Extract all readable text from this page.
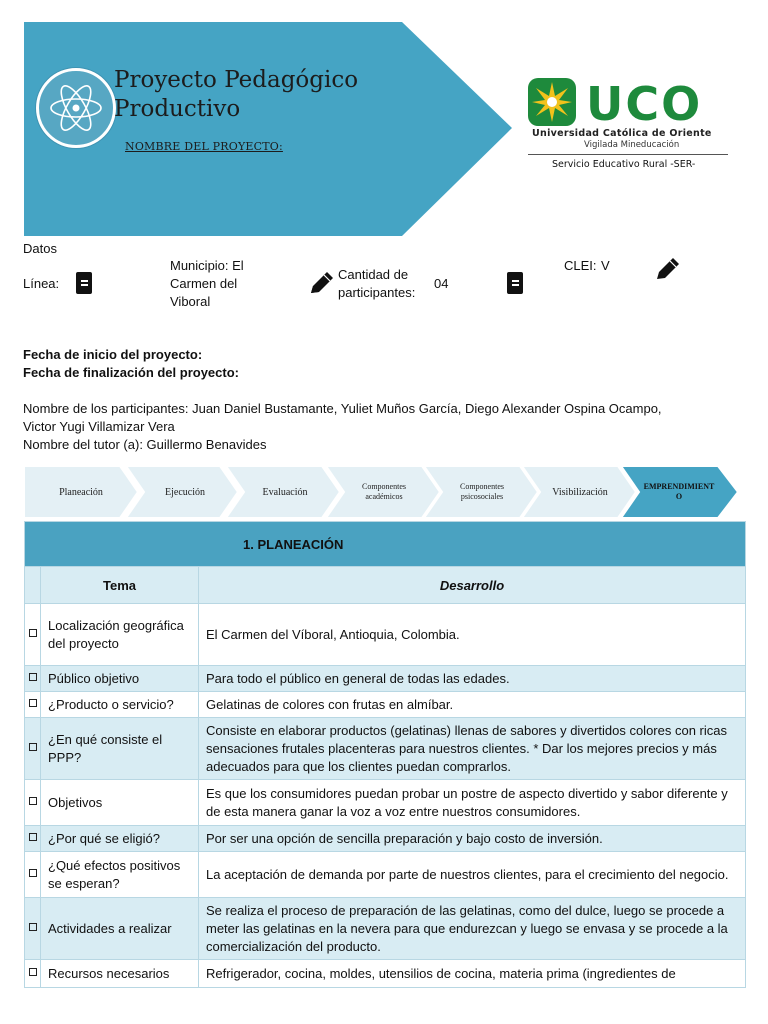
Proyecto Pedagógico
Productivo
NOMBRE DEL PROYECTO:
UCO
Universidad Católica de Oriente
Vigilada Mineducación
Servicio Educativo Rural -SER-
Datos
Línea:
Municipio: El Carmen del Viboral
Cantidad de participantes:
04
CLEI: V
Fecha de inicio del proyecto:
Fecha de finalización del proyecto:
Nombre de los participantes: Juan Daniel Bustamante, Yuliet Muños García, Diego Alexander Ospina Ocampo,
Victor Yugi Villamizar Vera
Nombre del tutor (a): Guillermo Benavides
Planeación	Ejecución	Evaluación	Componentes académicos
Componentes psicosociales	Visibilización	EMPRENDIMIENTO
1. PLANEACIÓN		
	Tema	Desarrollo
	Localización geográfica del proyecto	El Carmen del Víboral, Antioquia, Colombia.
	Público objetivo	Para todo el público en general de todas las edades.
	¿Producto o servicio?	Gelatinas de colores con frutas en almíbar.
	¿En qué consiste el PPP?	Consiste en elaborar productos (gelatinas) llenas de sabores y divertidos colores con ricas sensaciones frutales placenteras para nuestros clientes. * Dar los mejores precios y más adecuados para que los clientes puedan comprarlos.
	Objetivos	Es que los consumidores puedan probar un postre de aspecto divertido y sabor diferente y de esta manera ganar la voz a voz entre nuestros consumidores.
	¿Por qué se eligió?	Por ser una opción de sencilla preparación y bajo costo de inversión.
	¿Qué efectos positivos se esperan?	La aceptación de demanda por parte de nuestros clientes, para el crecimiento del negocio.
	Actividades a realizar	Se realiza el proceso de preparación de las gelatinas, como del dulce, luego se procede a meter las gelatinas en la nevera para que endurezcan y luego se envasa y se procede a la comercialización del producto.
	Recursos necesarios	Refrigerador, cocina, moldes, utensilios de cocina, materia prima (ingredientes de
